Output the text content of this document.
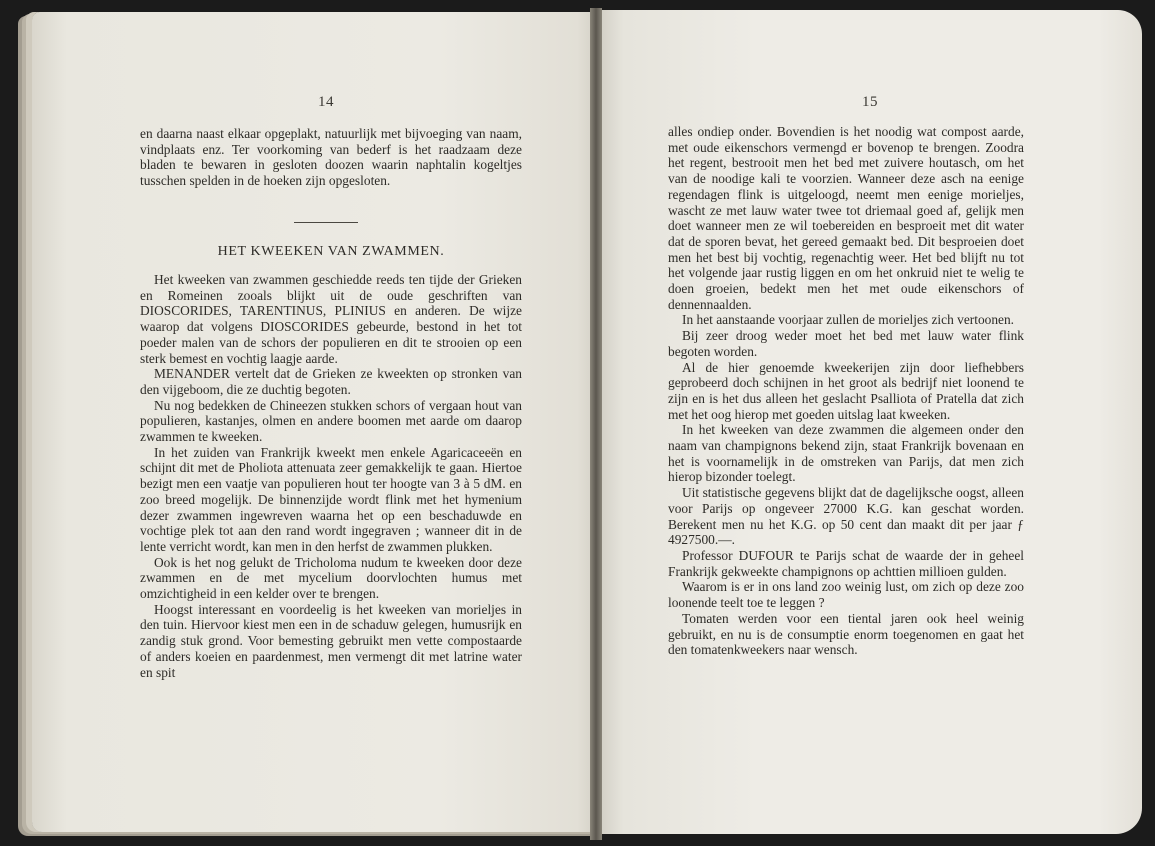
14

en daarna naast elkaar opgeplakt, natuurlijk met bijvoeging van naam, vindplaats enz. Ter voorkoming van bederf is het raadzaam deze bladen te bewaren in gesloten doozen waarin naphtalin kogeltjes tusschen spelden in de hoeken zijn opgesloten.

HET KWEEKEN VAN ZWAMMEN.

Het kweeken van zwammen geschiedde reeds ten tijde der Grieken en Romeinen zooals blijkt uit de oude geschriften van DIOSCORIDES, TARENTINUS, PLINIUS en anderen. De wijze waarop dat volgens DIOSCORIDES gebeurde, bestond in het tot poeder malen van de schors der populieren en dit te strooien op een sterk bemest en vochtig laagje aarde.

MENANDER vertelt dat de Grieken ze kweekten op stronken van den vijgeboom, die ze duchtig begoten.

Nu nog bedekken de Chineezen stukken schors of vergaan hout van populieren, kastanjes, olmen en andere boomen met aarde om daarop zwammen te kweeken.

In het zuiden van Frankrijk kweekt men enkele Agaricaceeën en schijnt dit met de Pholiota attenuata zeer gemakkelijk te gaan. Hiertoe bezigt men een vaatje van populieren hout ter hoogte van 3 à 5 dM. en zoo breed mogelijk. De binnenzijde wordt flink met het hymenium dezer zwammen ingewreven waarna het op een beschaduwde en vochtige plek tot aan den rand wordt ingegraven ; wanneer dit in de lente verricht wordt, kan men in den herfst de zwammen plukken.

Ook is het nog gelukt de Tricholoma nudum te kweeken door deze zwammen en de met mycelium doorvlochten humus met omzichtigheid in een kelder over te brengen.

Hoogst interessant en voordeelig is het kweeken van morieljes in den tuin. Hiervoor kiest men een in de schaduw gelegen, humusrijk en zandig stuk grond. Voor bemesting gebruikt men vette compostaarde of anders koeien en paardenmest, men vermengt dit met latrine water en spit

15

alles ondiep onder. Bovendien is het noodig wat compost aarde, met oude eikenschors vermengd er bovenop te brengen. Zoodra het regent, bestrooit men het bed met zuivere houtasch, om het van de noodige kali te voorzien. Wanneer deze asch na eenige regendagen flink is uitgeloogd, neemt men eenige morieljes, wascht ze met lauw water twee tot driemaal goed af, gelijk men doet wanneer men ze wil toebereiden en besproeit met dit water dat de sporen bevat, het gereed gemaakt bed. Dit besproeien doet men het best bij vochtig, regenachtig weer. Het bed blijft nu tot het volgende jaar rustig liggen en om het onkruid niet te welig te doen groeien, bedekt men het met oude eikenschors of dennennaalden.

In het aanstaande voorjaar zullen de morieljes zich vertoonen.

Bij zeer droog weder moet het bed met lauw water flink begoten worden.

Al de hier genoemde kweekerijen zijn door liefhebbers geprobeerd doch schijnen in het groot als bedrijf niet loonend te zijn en is het dus alleen het geslacht Psalliota of Pratella dat zich met het oog hierop met goeden uitslag laat kweeken.

In het kweeken van deze zwammen die algemeen onder den naam van champignons bekend zijn, staat Frankrijk bovenaan en het is voornamelijk in de omstreken van Parijs, dat men zich hierop bizonder toelegt.

Uit statistische gegevens blijkt dat de dagelijksche oogst, alleen voor Parijs op ongeveer 27000 K.G. kan geschat worden. Berekent men nu het K.G. op 50 cent dan maakt dit per jaar ƒ 4927500.—.

Professor DUFOUR te Parijs schat de waarde der in geheel Frankrijk gekweekte champignons op achttien millioen gulden.

Waarom is er in ons land zoo weinig lust, om zich op deze zoo loonende teelt toe te leggen ?

Tomaten werden voor een tiental jaren ook heel weinig gebruikt, en nu is de consumptie enorm toegenomen en gaat het den tomatenkweekers naar wensch.
